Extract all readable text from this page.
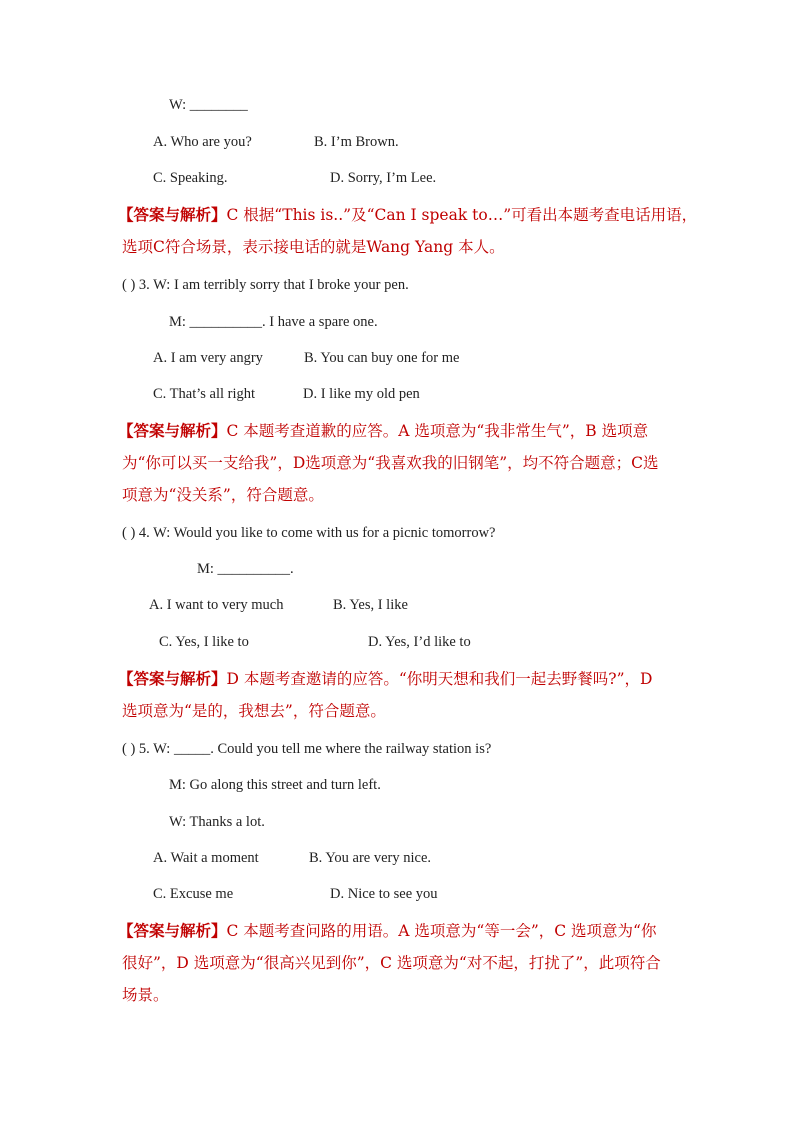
W: ________
A. Who are you?	B. I’m Brown.
C. Speaking.	D. Sorry, I’m Lee.
【答案与解析】C 根据“This is..”及“Can I speak to…”可看出本题考查电话用语，
选项C符合场景，表示接电话的就是Wang Yang 本人。
( ) 3. W: I am terribly sorry that I broke your pen.
M: __________. I have a spare one.
A. I am very angry	B. You can buy one for me
C. That’s all right	D. I like my old pen
【答案与解析】C 本题考查道歉的应答。A 选项意为“我非常生气”，B 选项意
为“你可以买一支给我”，D选项意为“我喜欢我的旧钢笔”，均不符合题意；C选
项意为“没关系”，符合题意。
( ) 4. W: Would you like to come with us for a picnic tomorrow?
M: __________.
A. I want to very much	B. Yes, I like
C. Yes, I like to	D. Yes, I’d like to
【答案与解析】D 本题考查邀请的应答。“你明天想和我们一起去野餐吗?”，D
选项意为“是的，我想去”，符合题意。
( ) 5. W: _____. Could you tell me where the railway station is?
M: Go along this street and turn left.
W: Thanks a lot.
A. Wait a moment	B. You are very nice.
C. Excuse me	D. Nice to see you
【答案与解析】C 本题考查问路的用语。A 选项意为“等一会”，C 选项意为“你
很好”，D 选项意为“很高兴见到你”，C 选项意为“对不起，打扰了”，此项符合
场景。
